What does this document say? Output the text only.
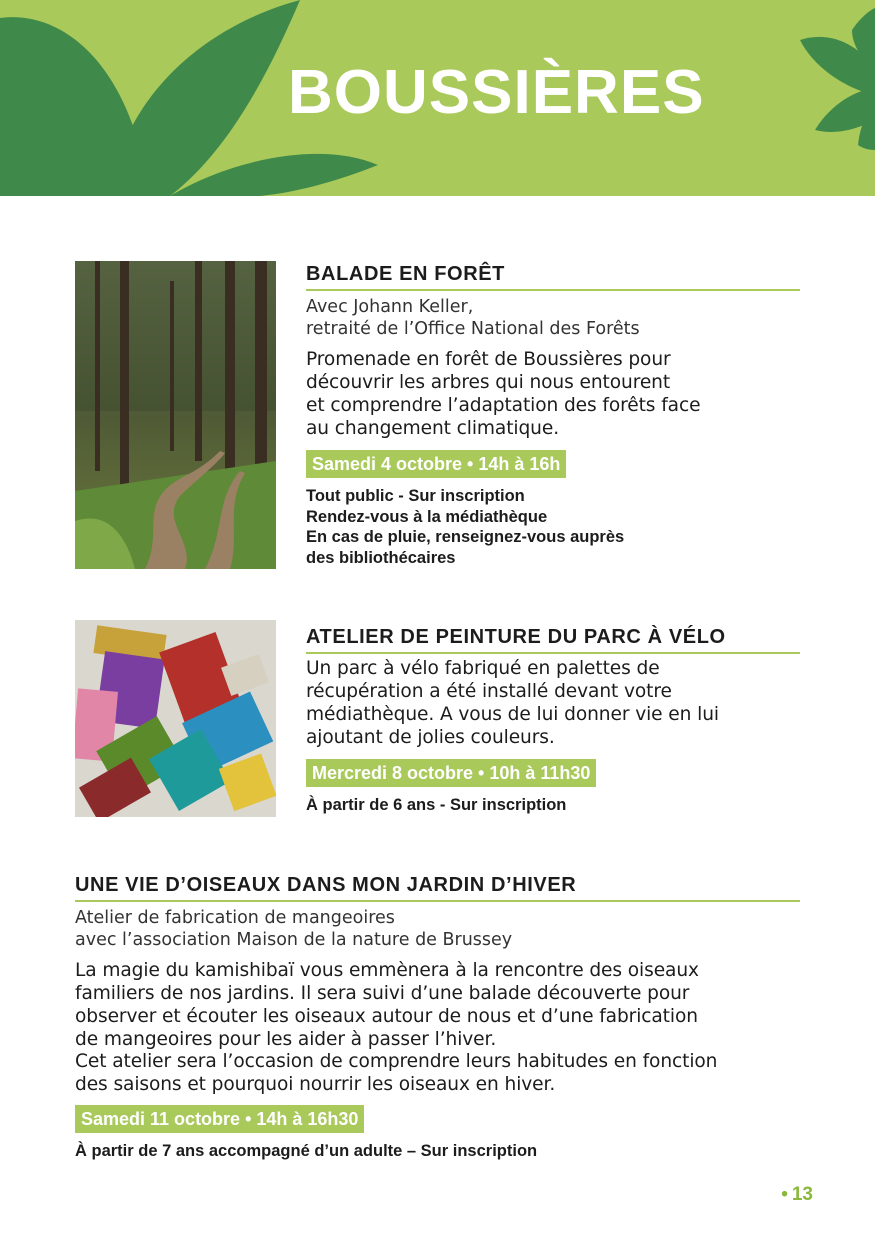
BOUSSIÈRES
BALADE EN FORÊT

Avec Johann Keller,

retraité de l’Office National des Forêts

Promenade en forêt de Boussières pour

découvrir les arbres qui nous entourent

et comprendre l’adaptation des forêts face

au changement climatique.

Samedi 4 octobre • 14h à 16h

Tout public - Sur inscription

Rendez-vous à la médiathèque

En cas de pluie, renseignez-vous auprès

des bibliothécaires

ATELIER DE PEINTURE DU PARC À VÉLO

Un parc à vélo fabriqué en palettes de

récupération a été installé devant votre

médiathèque. A vous de lui donner vie en lui

ajoutant de jolies couleurs.

Mercredi 8 octobre • 10h à 11h30

À partir de 6 ans - Sur inscription

UNE VIE D’OISEAUX DANS MON JARDIN D’HIVER

Atelier de fabrication de mangeoires

avec l’association Maison de la nature de Brussey

La magie du kamishibaï vous emmènera à la rencontre des oiseaux

familiers de nos jardins. Il sera suivi d’une balade découverte pour

observer et écouter les oiseaux autour de nous et d’une fabrication

de mangeoires pour les aider à passer l’hiver.

Cet atelier sera l’occasion de comprendre leurs habitudes en fonction

des saisons et pourquoi nourrir les oiseaux en hiver.

Samedi 11 octobre • 14h à 16h30

À partir de 7 ans accompagné d’un adulte – Sur inscription

• 13
